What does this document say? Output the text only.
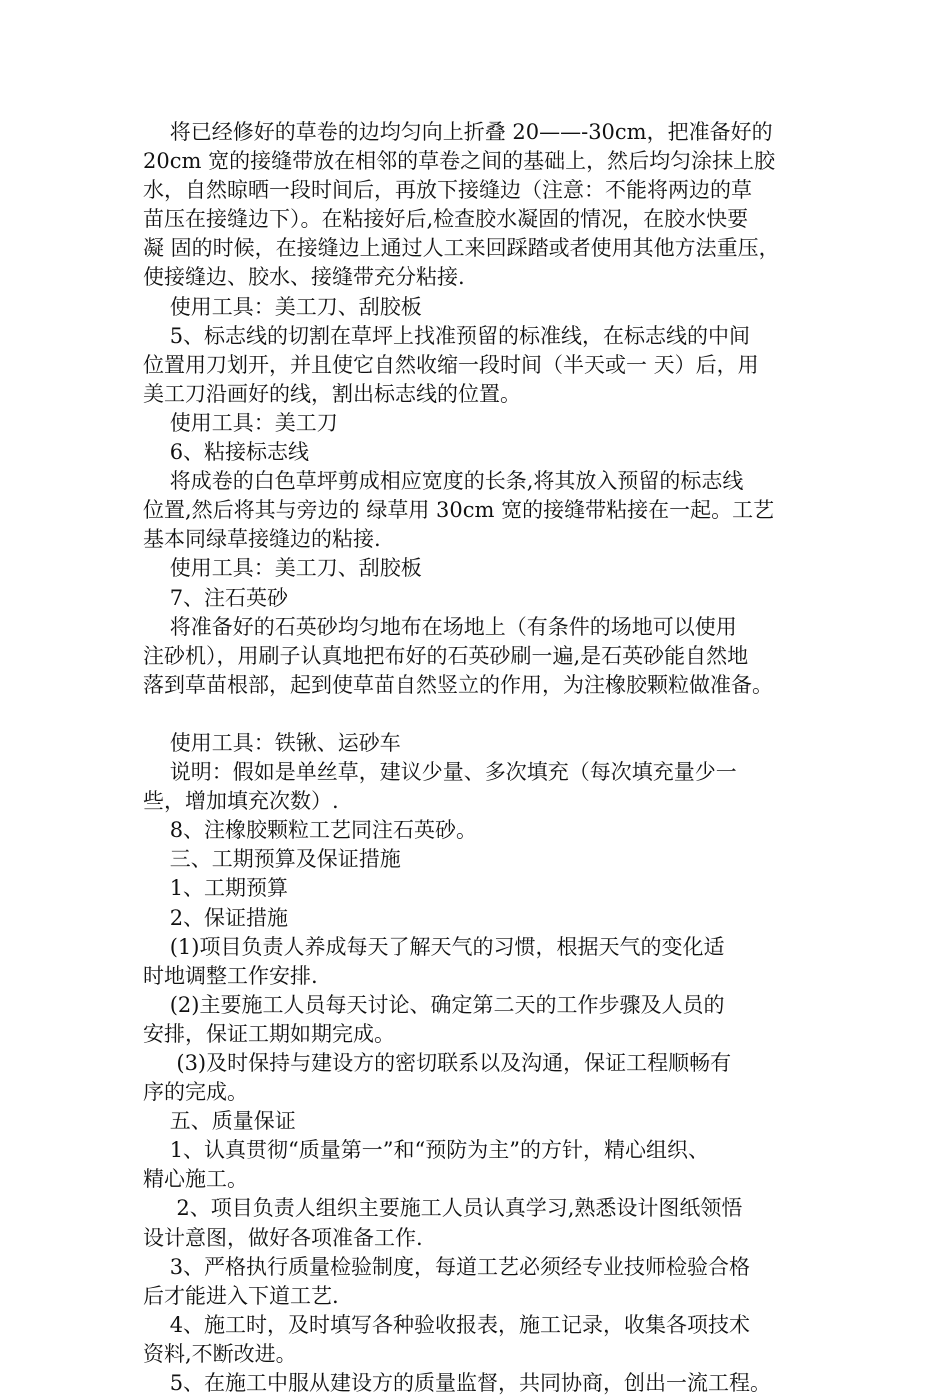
将已经修好的草卷的边均匀向上折叠 20——-30cm，把准备好的
20cm 宽的接缝带放在相邻的草卷之间的基础上，然后均匀涂抹上胶
水，自然晾晒一段时间后，再放下接缝边（注意：不能将两边的草
苗压在接缝边下）。在粘接好后,检查胶水凝固的情况，在胶水快要
凝 固的时候，在接缝边上通过人工来回踩踏或者使用其他方法重压，
使接缝边、胶水、接缝带充分粘接.
使用工具：美工刀、刮胶板
5、标志线的切割在草坪上找准预留的标准线，在标志线的中间
位置用刀划开，并且使它自然收缩一段时间（半天或一 天）后，用
美工刀沿画好的线，割出标志线的位置。
使用工具：美工刀
6、粘接标志线
将成卷的白色草坪剪成相应宽度的长条,将其放入预留的标志线
位置,然后将其与旁边的 绿草用 30cm 宽的接缝带粘接在一起。工艺
基本同绿草接缝边的粘接.
使用工具：美工刀、刮胶板
7、注石英砂
将准备好的石英砂均匀地布在场地上（有条件的场地可以使用
注砂机），用刷子认真地把布好的石英砂刷一遍,是石英砂能自然地
落到草苗根部，起到使草苗自然竖立的作用，为注橡胶颗粒做准备。
使用工具：铁锹、运砂车
说明：假如是单丝草，建议少量、多次填充（每次填充量少一
些，增加填充次数）.
8、注橡胶颗粒工艺同注石英砂。
三、工期预算及保证措施
1、工期预算
2、保证措施
(1)项目负责人养成每天了解天气的习惯，根据天气的变化适
时地调整工作安排.
(2)主要施工人员每天讨论、确定第二天的工作步骤及人员的
安排，保证工期如期完成。
(3)及时保持与建设方的密切联系以及沟通，保证工程顺畅有
序的完成。
五、质量保证
1、认真贯彻“质量第一”和“预防为主”的方针，精心组织、
精心施工。
2、项目负责人组织主要施工人员认真学习,熟悉设计图纸领悟
设计意图，做好各项准备工作.
3、严格执行质量检验制度，每道工艺必须经专业技师检验合格
后才能进入下道工艺.
4、施工时，及时填写各种验收报表，施工记录，收集各项技术
资料,不断改进。
5、在施工中服从建设方的质量监督，共同协商，创出一流工程。
